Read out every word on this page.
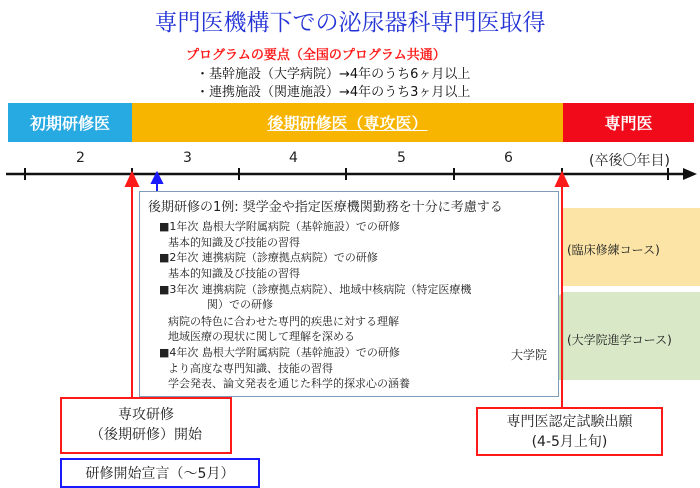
専門医機構下での泌尿器科専門医取得
プログラムの要点（全国のプログラム共通）
・基幹施設（大学病院）→4年のうち6ヶ月以上
・連携施設（関連施設）→4年のうち3ヶ月以上
初期研修医	後期研修医（専攻医）	専門医
2	3	4	5	6	(卒後〇年目)
後期研修の1例: 奨学金や指定医療機関勤務を十分に考慮する
■1年次 島根大学附属病院（基幹施設）での研修
基本的知識及び技能の習得
■2年次 連携病院（診療拠点病院）での研修
基本的知識及び技能の習得
■3年次 連携病院（診療拠点病院）、地域中核病院（特定医療機
関）での研修
病院の特色に合わせた専門的疾患に対する理解
地域医療の現状に関して理解を深める
■4年次 島根大学附属病院（基幹施設）での研修
より高度な専門知識、技能の習得
学会発表、論文発表を通じた科学的探求心の涵養
(臨床修練コース)
(大学院進学コース)
大学院
専攻研修
（後期研修）開始
専門医認定試験出願
(4-5月上旬)
研修開始宣言（～5月）
